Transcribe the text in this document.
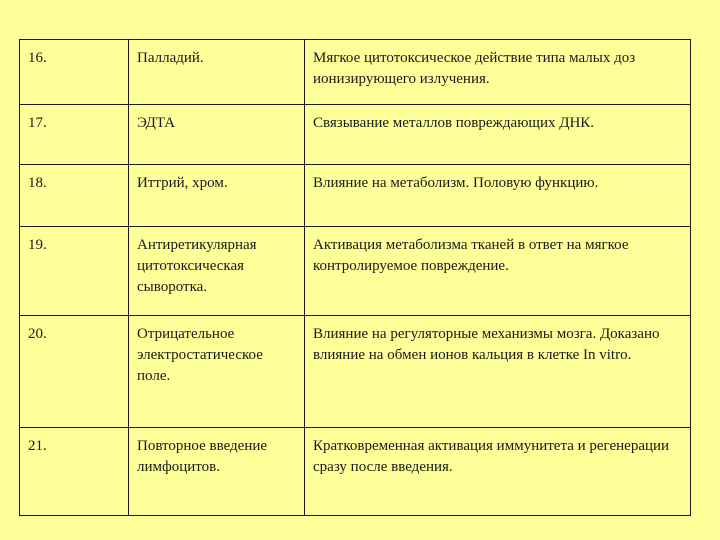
16.	Палладий.	Мягкое цитотоксическое действие типа малых доз ионизирующего излучения.
17.	ЭДТА	Связывание металлов повреждающих ДНК.
18.	Иттрий, хром.	Влияние на метаболизм. Половую функцию.
19.	Антиретикулярная цитотоксическая сыворотка.	Активация метаболизма тканей в ответ на мягкое контролируемое повреждение.
20.	Отрицательное электростатическое поле.	Влияние на регуляторные механизмы мозга. Доказано влияние на обмен ионов кальция в клетке In vitro.
21.	Повторное введение лимфоцитов.	Кратковременная активация иммунитета и регенерации сразу после введения.
